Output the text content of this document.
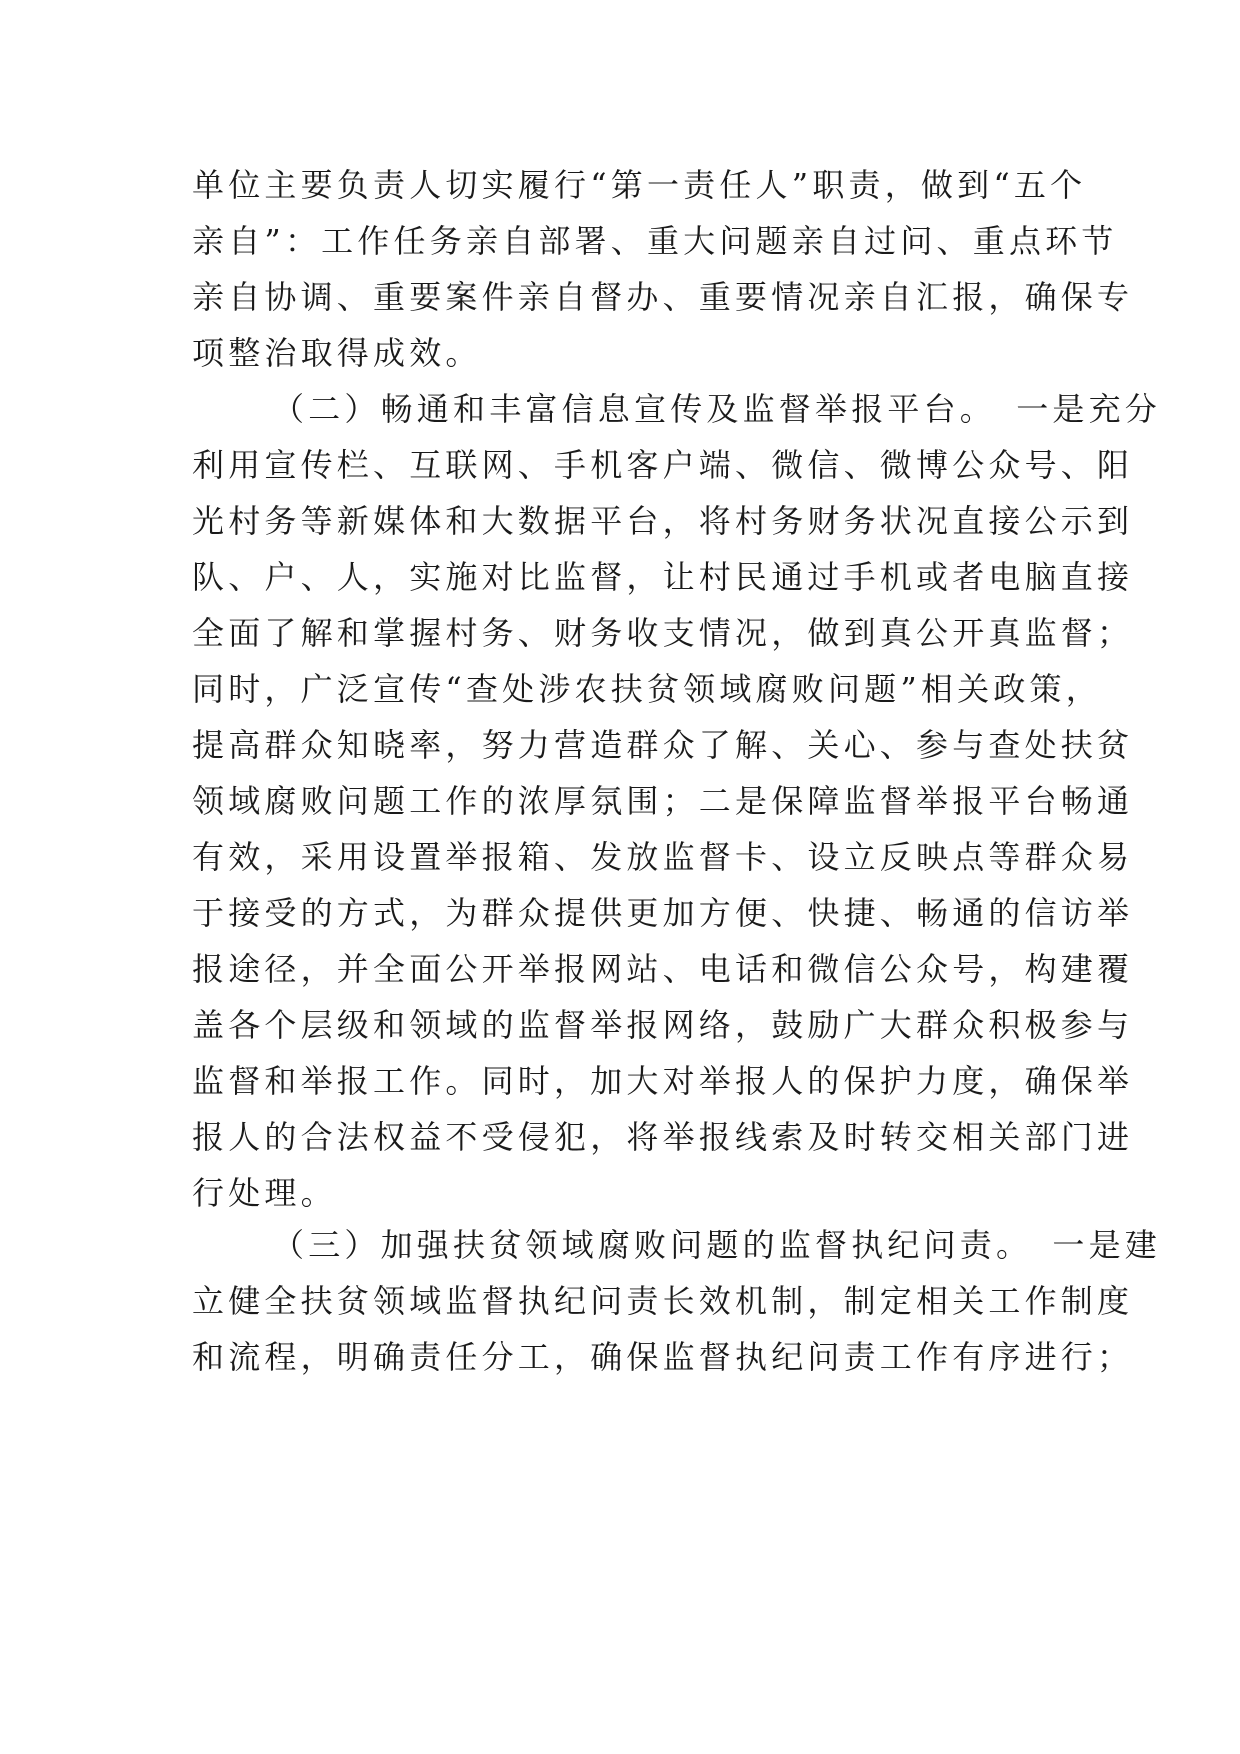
单位主要负责人切实履行“第一责任人”职责，做到“五个
亲自”：工作任务亲自部署、重大问题亲自过问、重点环节
亲自协调、重要案件亲自督办、重要情况亲自汇报，确保专
项整治取得成效。
（二）畅通和丰富信息宣传及监督举报平台。　一是充分
利用宣传栏、互联网、手机客户端、微信、微博公众号、阳
光村务等新媒体和大数据平台，将村务财务状况直接公示到
队、户、人，实施对比监督，让村民通过手机或者电脑直接
全面了解和掌握村务、财务收支情况，做到真公开真监督；
同时，广泛宣传“查处涉农扶贫领域腐败问题”相关政策，
提高群众知晓率，努力营造群众了解、关心、参与查处扶贫
领域腐败问题工作的浓厚氛围；二是保障监督举报平台畅通
有效，采用设置举报箱、发放监督卡、设立反映点等群众易
于接受的方式，为群众提供更加方便、快捷、畅通的信访举
报途径，并全面公开举报网站、电话和微信公众号，构建覆
盖各个层级和领域的监督举报网络，鼓励广大群众积极参与
监督和举报工作。同时，加大对举报人的保护力度，确保举
报人的合法权益不受侵犯，将举报线索及时转交相关部门进
行处理。
（三）加强扶贫领域腐败问题的监督执纪问责。　一是建
立健全扶贫领域监督执纪问责长效机制，制定相关工作制度
和流程，明确责任分工，确保监督执纪问责工作有序进行；
